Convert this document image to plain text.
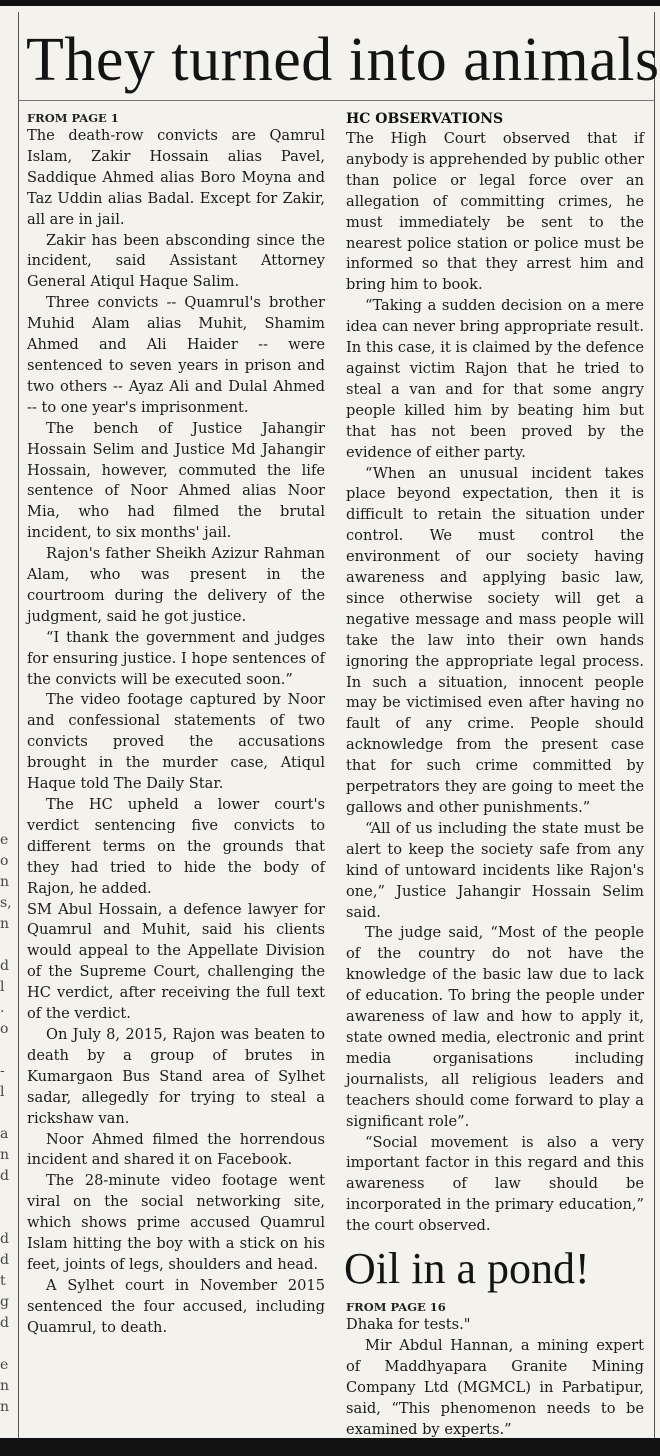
They turned into animals
FROM PAGE 1

The death-row convicts are Qamrul Islam, Zakir Hossain alias Pavel, Saddique Ahmed alias Boro Moyna and Taz Uddin alias Badal. Except for Zakir, all are in jail.

Zakir has been absconding since the incident, said Assistant Attorney General Atiqul Haque Salim.

Three convicts -- Quamrul's brother Muhid Alam alias Muhit, Shamim Ahmed and Ali Haider -- were sentenced to seven years in prison and two others -- Ayaz Ali and Dulal Ahmed -- to one year's imprisonment.

The bench of Justice Jahangir Hossain Selim and Justice Md Jahangir Hossain, however, commuted the life sentence of Noor Ahmed alias Noor Mia, who had filmed the brutal incident, to six months' jail.

Rajon's father Sheikh Azizur Rahman Alam, who was present in the courtroom during the delivery of the judgment, said he got justice.

“I thank the government and judges for ensuring justice. I hope sentences of the convicts will be executed soon.”

The video footage captured by Noor and confessional statements of two convicts proved the accusations brought in the murder case, Atiqul Haque told The Daily Star.

The HC upheld a lower court's verdict sentencing five convicts to different terms on the grounds that they had tried to hide the body of Rajon, he added.

SM Abul Hossain, a defence lawyer for Quamrul and Muhit, said his clients would appeal to the Appellate Division of the Supreme Court, challenging the HC verdict, after receiving the full text of the verdict.

On July 8, 2015, Rajon was beaten to death by a group of brutes in Kumargaon Bus Stand area of Sylhet sadar, allegedly for trying to steal a rickshaw van.

Noor Ahmed filmed the horrendous incident and shared it on Facebook.

The 28-minute video footage went viral on the social networking site, which shows prime accused Quamrul Islam hitting the boy with a stick on his feet, joints of legs, shoulders and head.

A Sylhet court in November 2015 sentenced the four accused, including Quamrul, to death.

HC OBSERVATIONS

The High Court observed that if anybody is apprehended by public other than police or legal force over an allegation of committing crimes, he must immediately be sent to the nearest police station or police must be informed so that they arrest him and bring him to book.

“Taking a sudden decision on a mere idea can never bring appropriate result. In this case, it is claimed by the defence against victim Rajon that he tried to steal a van and for that some angry people killed him by beating him but that has not been proved by the evidence of either party.

“When an unusual incident takes place beyond expectation, then it is difficult to retain the situation under control. We must control the environment of our society having awareness and applying basic law, since otherwise society will get a negative message and mass people will take the law into their own hands ignoring the appropriate legal process. In such a situation, innocent people may be victimised even after having no fault of any crime. People should acknowledge from the present case that for such crime committed by perpetrators they are going to meet the gallows and other punishments.”

“All of us including the state must be alert to keep the society safe from any kind of untoward incidents like Rajon's one,” Justice Jahangir Hossain Selim said.

The judge said, “Most of the people of the country do not have the knowledge of the basic law due to lack of education. To bring the people under awareness of law and how to apply it, state owned media, electronic and print media organisations including journalists, all religious leaders and teachers should come forward to play a significant role”.

“Social movement is also a very important factor in this regard and this awareness of law should be incorporated in the primary education,” the court observed.

Oil in a pond!
FROM PAGE 16

Dhaka for tests."

Mir Abdul Hannan, a mining expert of Maddhyapara Granite Mining Company Ltd (MGMCL) in Parbatipur, said, “This phenomenon needs to be examined by experts.”

e
o
n
s,
n
d
l
.
o
-
l
a
n
d
d
d
t
g
d
e
n
n
